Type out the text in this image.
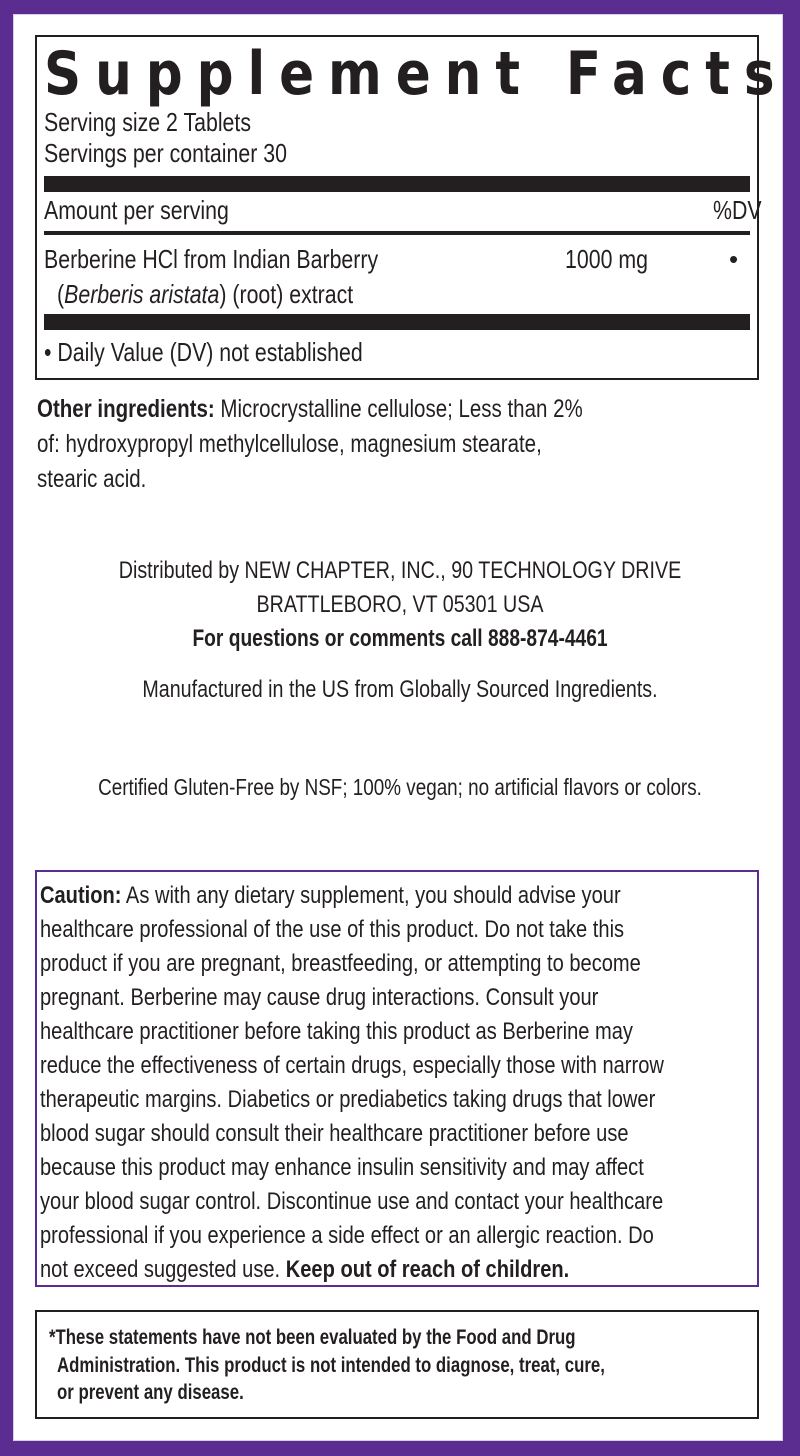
Supplement Facts
Serving size 2 Tablets
Servings per container 30
Amount per serving	%DV
Berberine HCl from Indian Barberry
(Berberis aristata) (root) extract
1000 mg	•
• Daily Value (DV) not established
Other ingredients: Microcrystalline cellulose; Less than 2%
of: hydroxypropyl methylcellulose, magnesium stearate,
stearic acid.
Distributed by NEW CHAPTER, INC., 90 TECHNOLOGY DRIVE
BRATTLEBORO, VT 05301 USA
For questions or comments call 888-874-4461
Manufactured in the US from Globally Sourced Ingredients.
Certified Gluten-Free by NSF; 100% vegan; no artificial flavors or colors.
Caution: As with any dietary supplement, you should advise your
healthcare professional of the use of this product. Do not take this
product if you are pregnant, breastfeeding, or attempting to become
pregnant. Berberine may cause drug interactions. Consult your
healthcare practitioner before taking this product as Berberine may
reduce the effectiveness of certain drugs, especially those with narrow
therapeutic margins. Diabetics or prediabetics taking drugs that lower
blood sugar should consult their healthcare practitioner before use
because this product may enhance insulin sensitivity and may affect
your blood sugar control. Discontinue use and contact your healthcare
professional if you experience a side effect or an allergic reaction. Do
not exceed suggested use. Keep out of reach of children.
*These statements have not been evaluated by the Food and Drug
Administration. This product is not intended to diagnose, treat, cure,
or prevent any disease.
